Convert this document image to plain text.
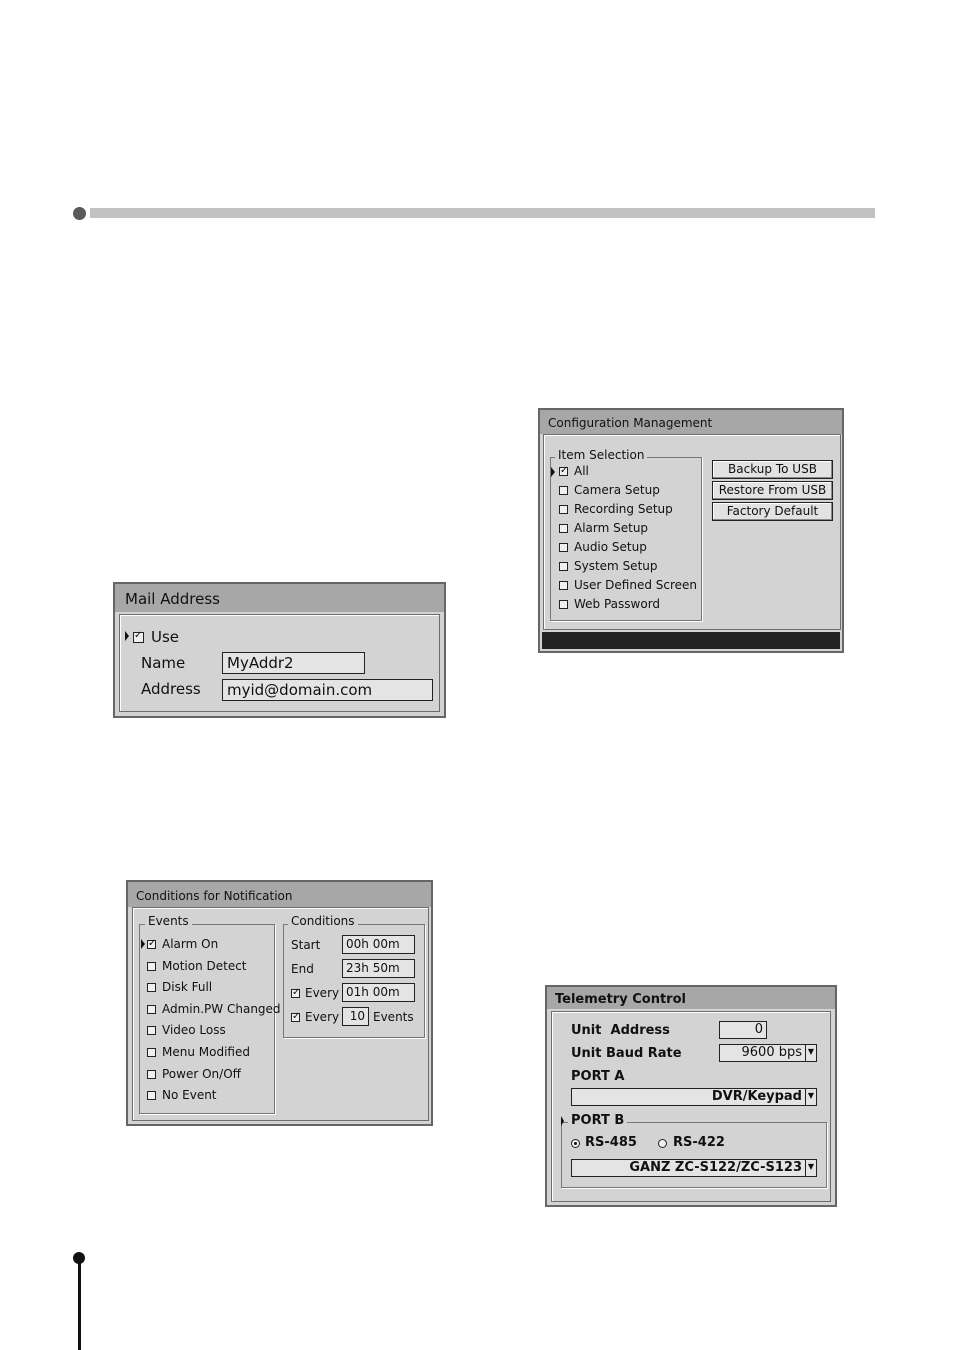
Mail Address
✓
Use
Name	MyAddr2
Address	myid@domain.com
Configuration Management
Item Selection
✓
All
Camera Setup
Recording Setup
Alarm Setup
Audio Setup
System Setup
User Defined Screen
Web Password
Backup To USB
Restore From USB
Factory Default
Conditions for Notification
Events
✓
Alarm On
Motion Detect
Disk Full
Admin.PW Changed
Video Loss
Menu Modified
Power On/Off
No Event
Conditions
Start	00h 00m
End	23h 50m
✓
Every 01h 00m
✓
Every 10 Events
Telemetry Control
Unit  Address	0
Unit Baud Rate	9600 bps ▼
PORT A
DVR/Keypad ▼
PORT B
RS-485	RS-422
GANZ ZC-S122/ZC-S123 ▼
